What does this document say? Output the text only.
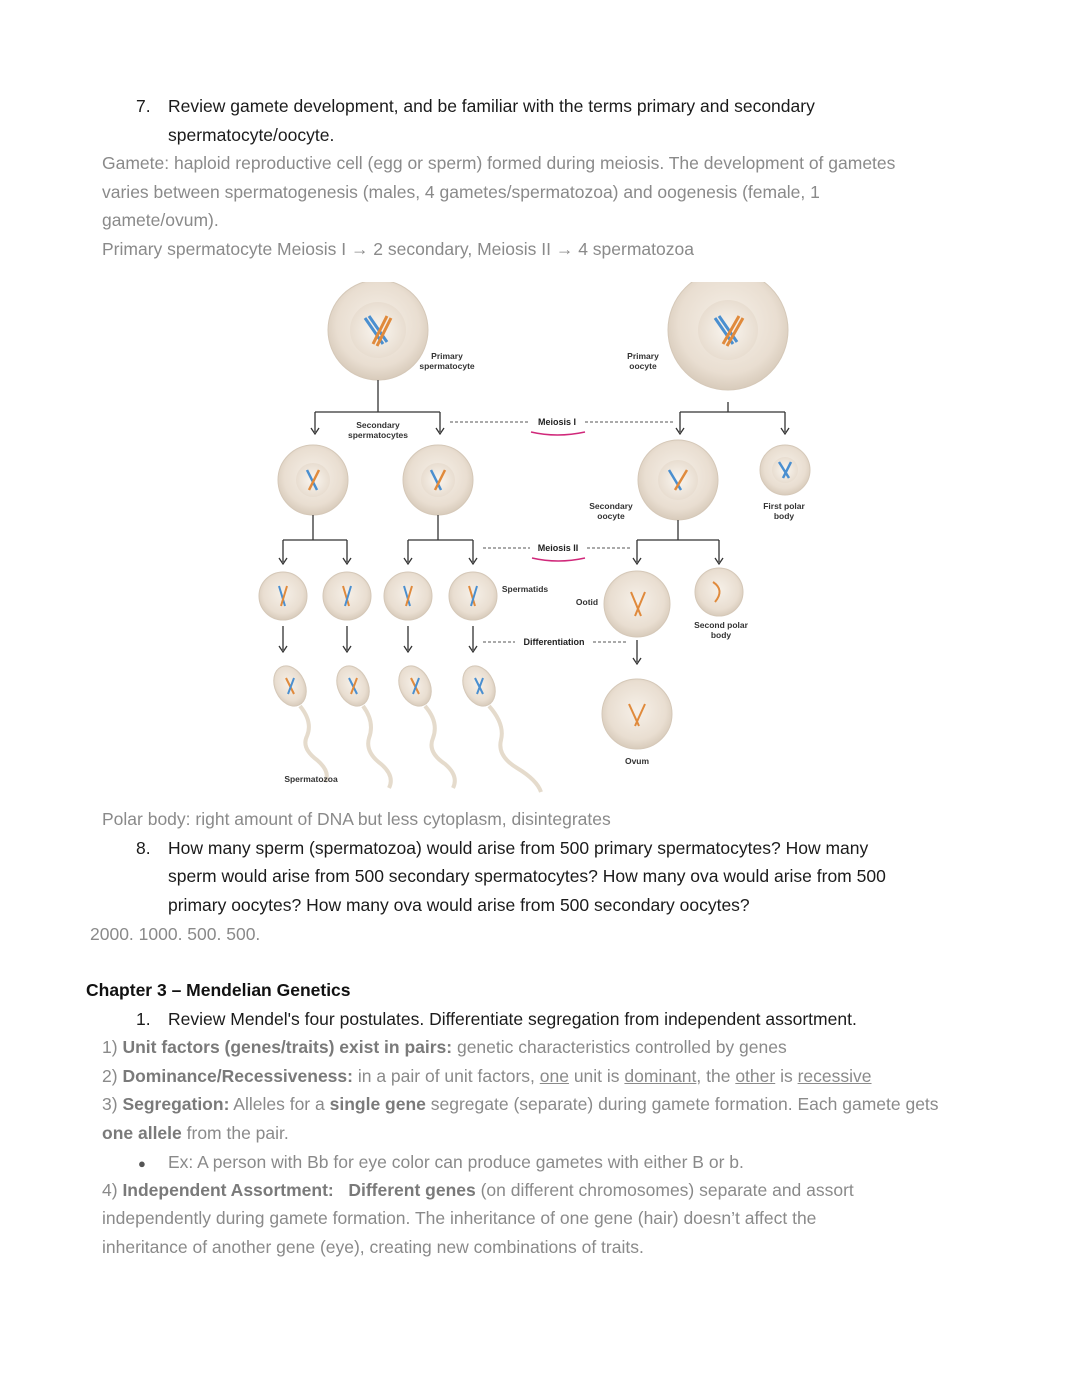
7. Review gamete development, and be familiar with the terms primary and secondary
spermatocyte/oocyte.
Gamete: haploid reproductive cell (egg or sperm) formed during meiosis. The development of gametes
varies between spermatogenesis (males, 4 gametes/spermatozoa) and oogenesis (female, 1
gamete/ovum).
Primary spermatocyte Meiosis I → 2 secondary, Meiosis II → 4 spermatozoa
Primary
spermatocyte
Primary
oocyte
Meiosis I
Secondary
spermatocytes
Secondary
oocyte
First polar
body
Meiosis II
Spermatids
Ootid
Second polar
body
Differentiation
Spermatozoa
Ovum
Polar body: right amount of DNA but less cytoplasm, disintegrates
8. How many sperm (spermatozoa) would arise from 500 primary spermatocytes? How many
sperm would arise from 500 secondary spermatocytes? How many ova would arise from 500
primary oocytes? How many ova would arise from 500 secondary oocytes?
2000. 1000. 500. 500.
Chapter 3 – Mendelian Genetics
1. Review Mendel's four postulates. Differentiate segregation from independent assortment.
1) Unit factors (genes/traits) exist in pairs: genetic characteristics controlled by genes
2) Dominance/Recessiveness: in a pair of unit factors, one unit is dominant, the other is recessive
3) Segregation: Alleles for a single gene segregate (separate) during gamete formation. Each gamete gets
one allele from the pair.
● Ex: A person with Bb for eye color can produce gametes with either B or b.
4) Independent Assortment: Different genes (on different chromosomes) separate and assort
independently during gamete formation. The inheritance of one gene (hair) doesn’t affect the
inheritance of another gene (eye), creating new combinations of traits.
